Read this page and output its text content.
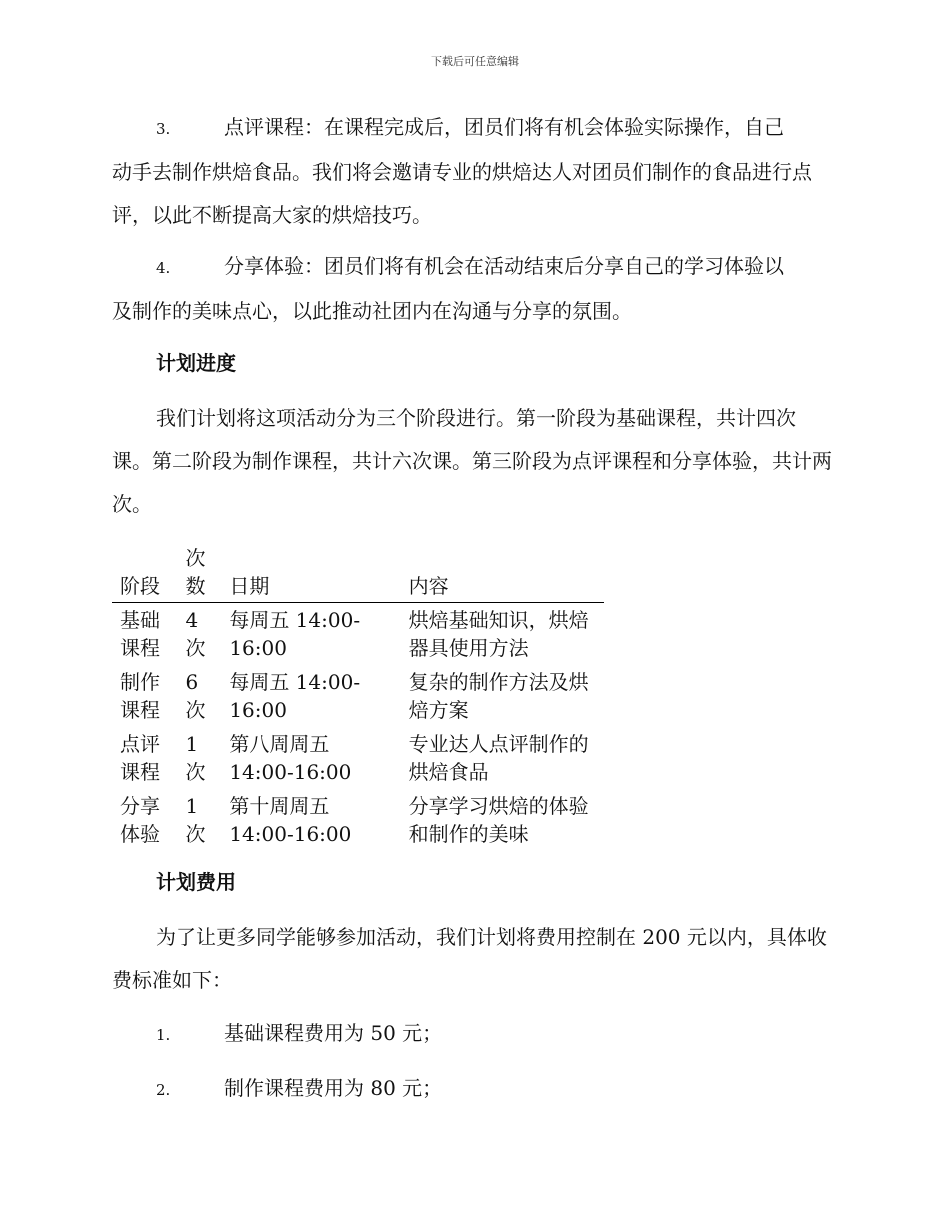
下载后可任意编辑
3.	点评课程：在课程完成后，团员们将有机会体验实际操作，自己
动手去制作烘焙食品。我们将会邀请专业的烘焙达人对团员们制作的食品进行点评，以此不断提高大家的烘焙技巧。
4.	分享体验：团员们将有机会在活动结束后分享自己的学习体验以
及制作的美味点心，以此推动社团内在沟通与分享的氛围。
计划进度

我们计划将这项活动分为三个阶段进行。第一阶段为基础课程，共计四次课。第二阶段为制作课程，共计六次课。第三阶段为点评课程和分享体验，共计两次。

阶段	次数	日期	内容
基础课程	4 次	每周五 14:00-16:00	烘焙基础知识，烘焙器具使用方法
制作课程	6 次	每周五 14:00-16:00	复杂的制作方法及烘焙方案
点评课程	1 次	第八周周五 14:00-16:00	专业达人点评制作的烘焙食品
分享体验	1 次	第十周周五 14:00-16:00	分享学习烘焙的体验和制作的美味
计划费用

为了让更多同学能够参加活动，我们计划将费用控制在 200 元以内，具体收费标准如下：

1.	基础课程费用为 50 元；
2.	制作课程费用为 80 元；
